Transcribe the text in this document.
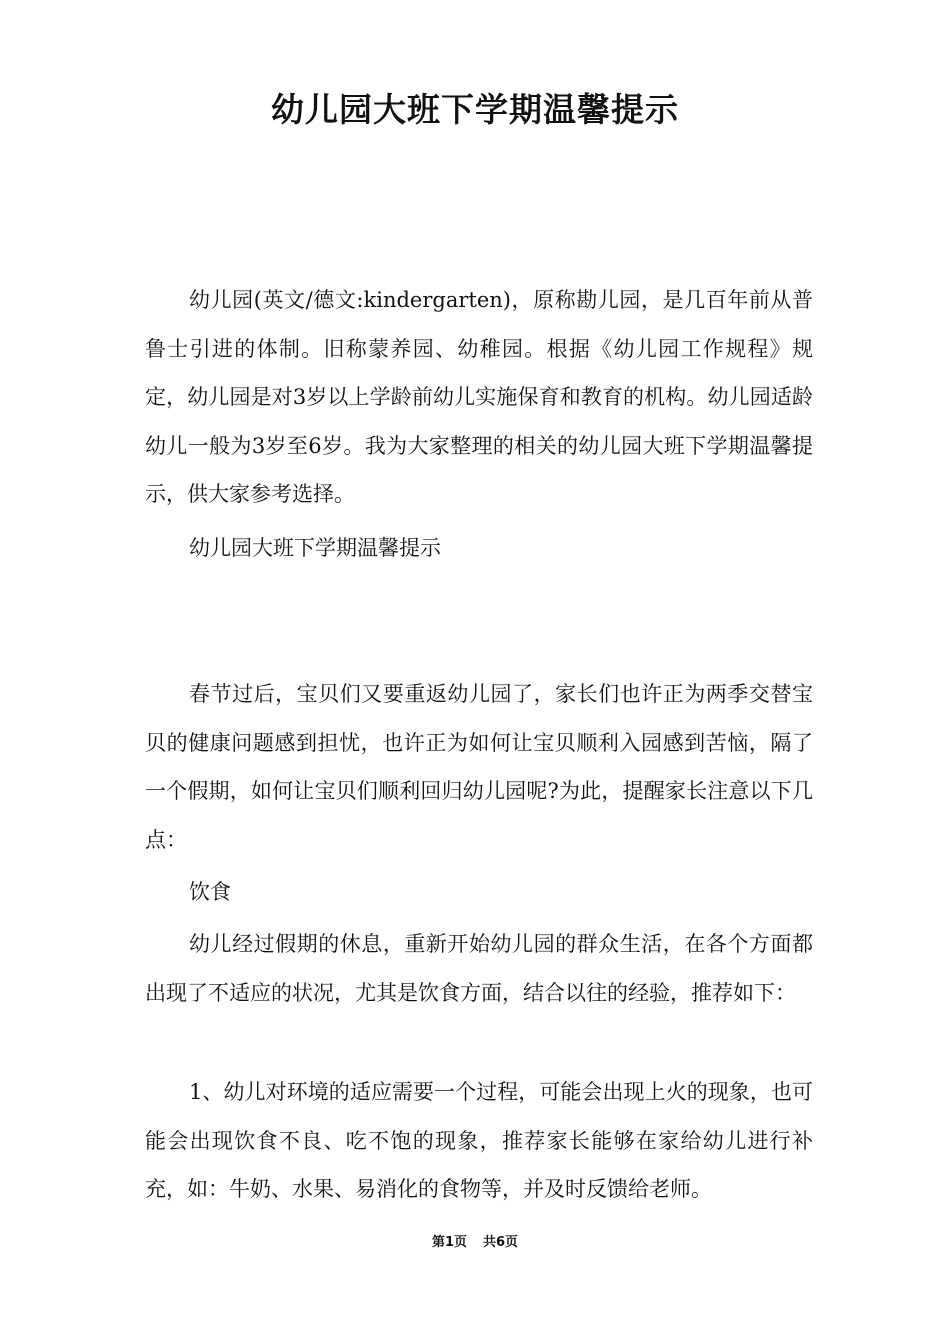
幼儿园大班下学期温馨提示

幼儿园(英文/德文:kindergarten)，原称勘儿园，是几百年前从普鲁士引进的体制。旧称蒙养园、幼稚园。根据《幼儿园工作规程》规定，幼儿园是对3岁以上学龄前幼儿实施保育和教育的机构。幼儿园适龄幼儿一般为3岁至6岁。我为大家整理的相关的幼儿园大班下学期温馨提示，供大家参考选择。

幼儿园大班下学期温馨提示

春节过后，宝贝们又要重返幼儿园了，家长们也许正为两季交替宝贝的健康问题感到担忧，也许正为如何让宝贝顺利入园感到苦恼，隔了一个假期，如何让宝贝们顺利回归幼儿园呢?为此，提醒家长注意以下几点：

饮食

幼儿经过假期的休息，重新开始幼儿园的群众生活，在各个方面都出现了不适应的状况，尤其是饮食方面，结合以往的经验，推荐如下：

1、幼儿对环境的适应需要一个过程，可能会出现上火的现象，也可能会出现饮食不良、吃不饱的现象，推荐家长能够在家给幼儿进行补充，如：牛奶、水果、易消化的食物等，并及时反馈给老师。

第1页 共6页
